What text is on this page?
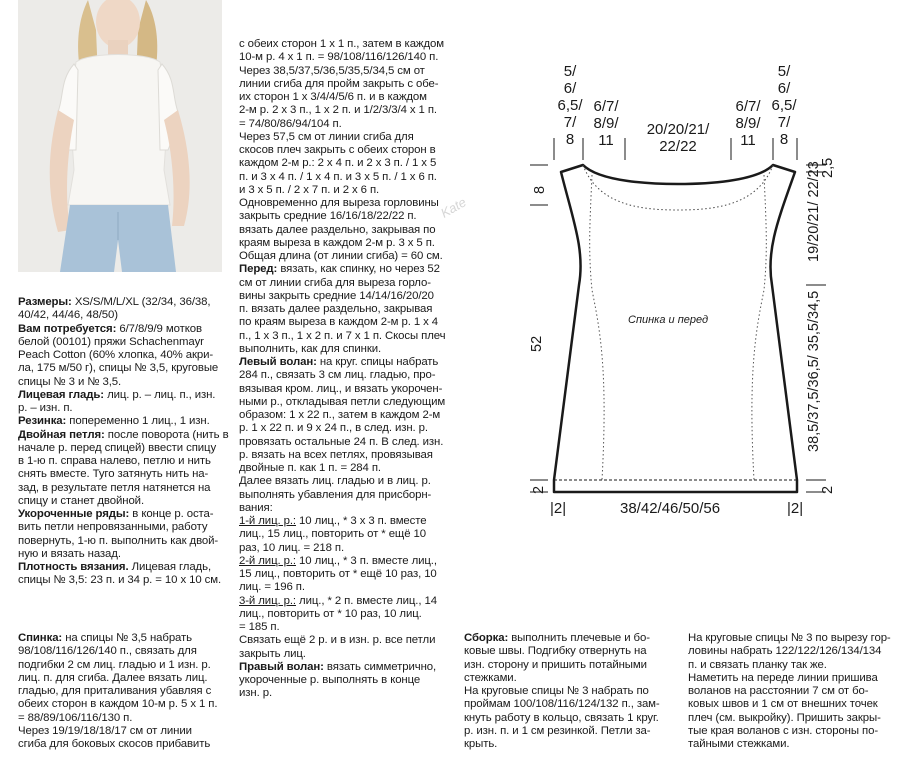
Kate
Размеры: XS/S/M/L/XL (32/34, 36/38,
40/42, 44/46, 48/50)
Вам потребуется: 6/7/8/9/9 мотков
белой (00101) пряжи Schachenmayr
Peach Cotton (60% хлопка, 40% акри-
ла, 175 м/50 г), спицы № 3,5, круговые
спицы № 3 и № 3,5.
Лицевая гладь: лиц. р. – лиц. п., изн.
р. – изн. п.
Резинка: попеременно 1 лиц., 1 изн.
Двойная петля: после поворота (нить в
начале р. перед спицей) ввести спицу
в 1-ю п. справа налево, петлю и нить
снять вместе. Туго затянуть нить на-
зад, в результате петля натянется на
спицу и станет двойной.
Укороченные ряды: в конце р. оста-
вить петли непровязанными, работу
повернуть, 1-ю п. выполнить как двой-
ную и вязать назад.
Плотность вязания. Лицевая гладь,
спицы № 3,5: 23 п. и 34 р. = 10 х 10 см.
Спинка: на спицы № 3,5 набрать
98/108/116/126/140 п., связать для
подгибки 2 см лиц. гладью и 1 изн. р.
лиц. п. для сгиба. Далее вязать лиц.
гладью, для приталивания убавляя с
обеих сторон в каждом 10-м р. 5 х 1 п.
= 88/89/106/116/130 п.
Через 19/19/18/18/17 см от линии
сгиба для боковых скосов прибавить
с обеих сторон 1 х 1 п., затем в каждом
10-м р. 4 х 1 п. = 98/108/116/126/140 п.
Через 38,5/37,5/36,5/35,5/34,5 см от
линии сгиба для пройм закрыть с обе-
их сторон 1 х 3/4/4/5/6 п. и в каждом
2-м р. 2 х 3 п., 1 х 2 п. и 1/2/3/3/4 х 1 п.
= 74/80/86/94/104 п.
Через 57,5 см от линии сгиба для
скосов плеч закрыть с обеих сторон в
каждом 2-м р.: 2 х 4 п. и 2 х 3 п. / 1 х 5
п. и 3 х 4 п. / 1 х 4 п. и 3 х 5 п. / 1 х 6 п.
и 3 х 5 п. / 2 х 7 п. и 2 х 6 п.
Одновременно для выреза горловины
закрыть средние 16/16/18/22/22 п.
вязать далее раздельно, закрывая по
краям выреза в каждом 2-м р. 3 х 5 п.
Общая длина (от линии сгиба) = 60 см.
Перед: вязать, как спинку, но через 52
см от линии сгиба для выреза горло-
вины закрыть средние 14/14/16/20/20
п. вязать далее раздельно, закрывая
по краям выреза в каждом 2-м р. 1 х 4
п., 1 х 3 п., 1 х 2 п. и 7 х 1 п. Скосы плеч
выполнить, как для спинки.
Левый волан: на круг. спицы набрать
284 п., связать 3 см лиц. гладью, про-
вязывая кром. лиц., и вязать укорочен-
ными р., откладывая петли следующим
образом: 1 х 22 п., затем в каждом 2-м
р. 1 х 22 п. и 9 х 24 п., в след. изн. р.
провязать остальные 24 п. В след. изн.
р. вязать на всех петлях, провязывая
двойные п. как 1 п. = 284 п.
Далее вязать лиц. гладью и в лиц. р.
выполнять убавления для присборн-
вания:
1-й лиц. р.: 10 лиц., * 3 х 3 п. вместе
лиц., 15 лиц., повторить от * ещё 10
раз, 10 лиц. = 218 п.
2-й лиц. р.: 10 лиц., * 3 п. вместе лиц.,
15 лиц., повторить от * ещё 10 раз, 10
лиц. = 196 п.
3-й лиц. р.: лиц., * 2 п. вместе лиц., 14
лиц., повторить от * 10 раз, 10 лиц.
= 185 п.
Связать ещё 2 р. и в изн. р. все петли
закрыть лиц.
Правый волан: вязать симметрично,
укороченные р. выполнять в конце
изн. р.
Сборка: выполнить плечевые и бо-
ковые швы. Подгибку отвернуть на
изн. сторону и пришить потайными
стежками.
На круговые спицы № 3 набрать по
проймам 100/108/116/124/132 п., зам-
кнуть работу в кольцо, связать 1 круг.
р. изн. п. и 1 см резинкой. Петли за-
крыть.
На круговые спицы № 3 по вырезу гор-
ловины набрать 122/122/126/134/134
п. и связать планку так же.
Наметить на переде линии пришива
воланов на расстоянии 7 см от бо-
ковых швов и 1 см от внешних точек
плеч (см. выкройку). Пришить закры-
тые края воланов с изн. стороны по-
тайными стежками.
Спинка и перед
20/20/21/
22/22
8
52
2
2,5
19/20/21/ 22/23
38,5/37,5/36,5/ 35,5/34,5
2
|2|	38/42/46/50/56	|2|
5/
6/
6,5/
7/
8
6/7/
8/9/
11
6/7/
8/9/
11
5/
6/
6,5/
7/
8
